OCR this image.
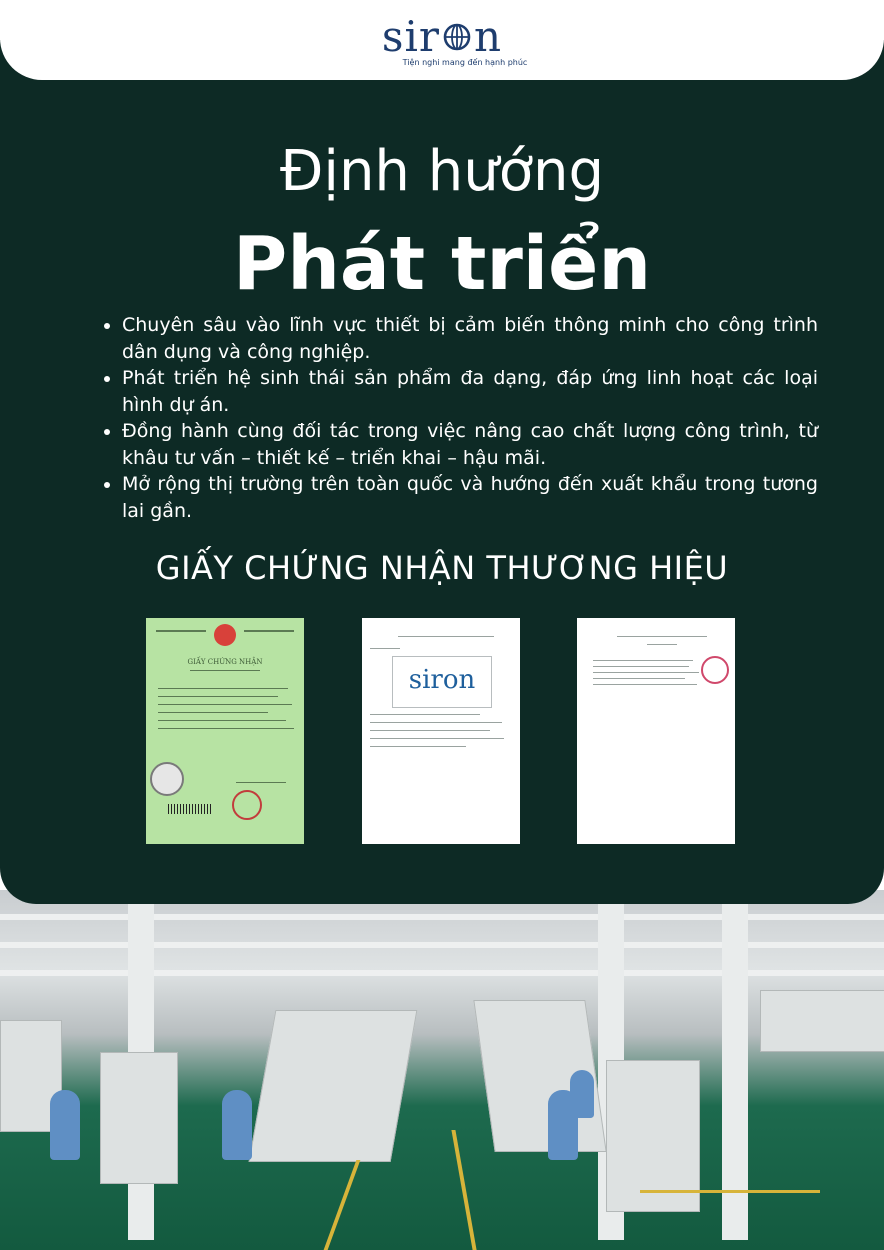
si r n
Tiện nghi mang đến hạnh phúc
Định hướng
Phát triển
• Chuyên sâu vào lĩnh vực thiết bị cảm biến thông minh cho công trình dân dụng và công nghiệp.
• Phát triển hệ sinh thái sản phẩm đa dạng, đáp ứng linh hoạt các loại hình dự án.
• Đồng hành cùng đối tác trong việc nâng cao chất lượng công trình, từ khâu tư vấn – thiết kế – triển khai – hậu mãi.
• Mở rộng thị trường trên toàn quốc và hướng đến xuất khẩu trong tương lai gần.
GIẤY CHỨNG NHẬN THƯƠNG HIỆU
GIẤY CHỨNG NHẬN
siron
